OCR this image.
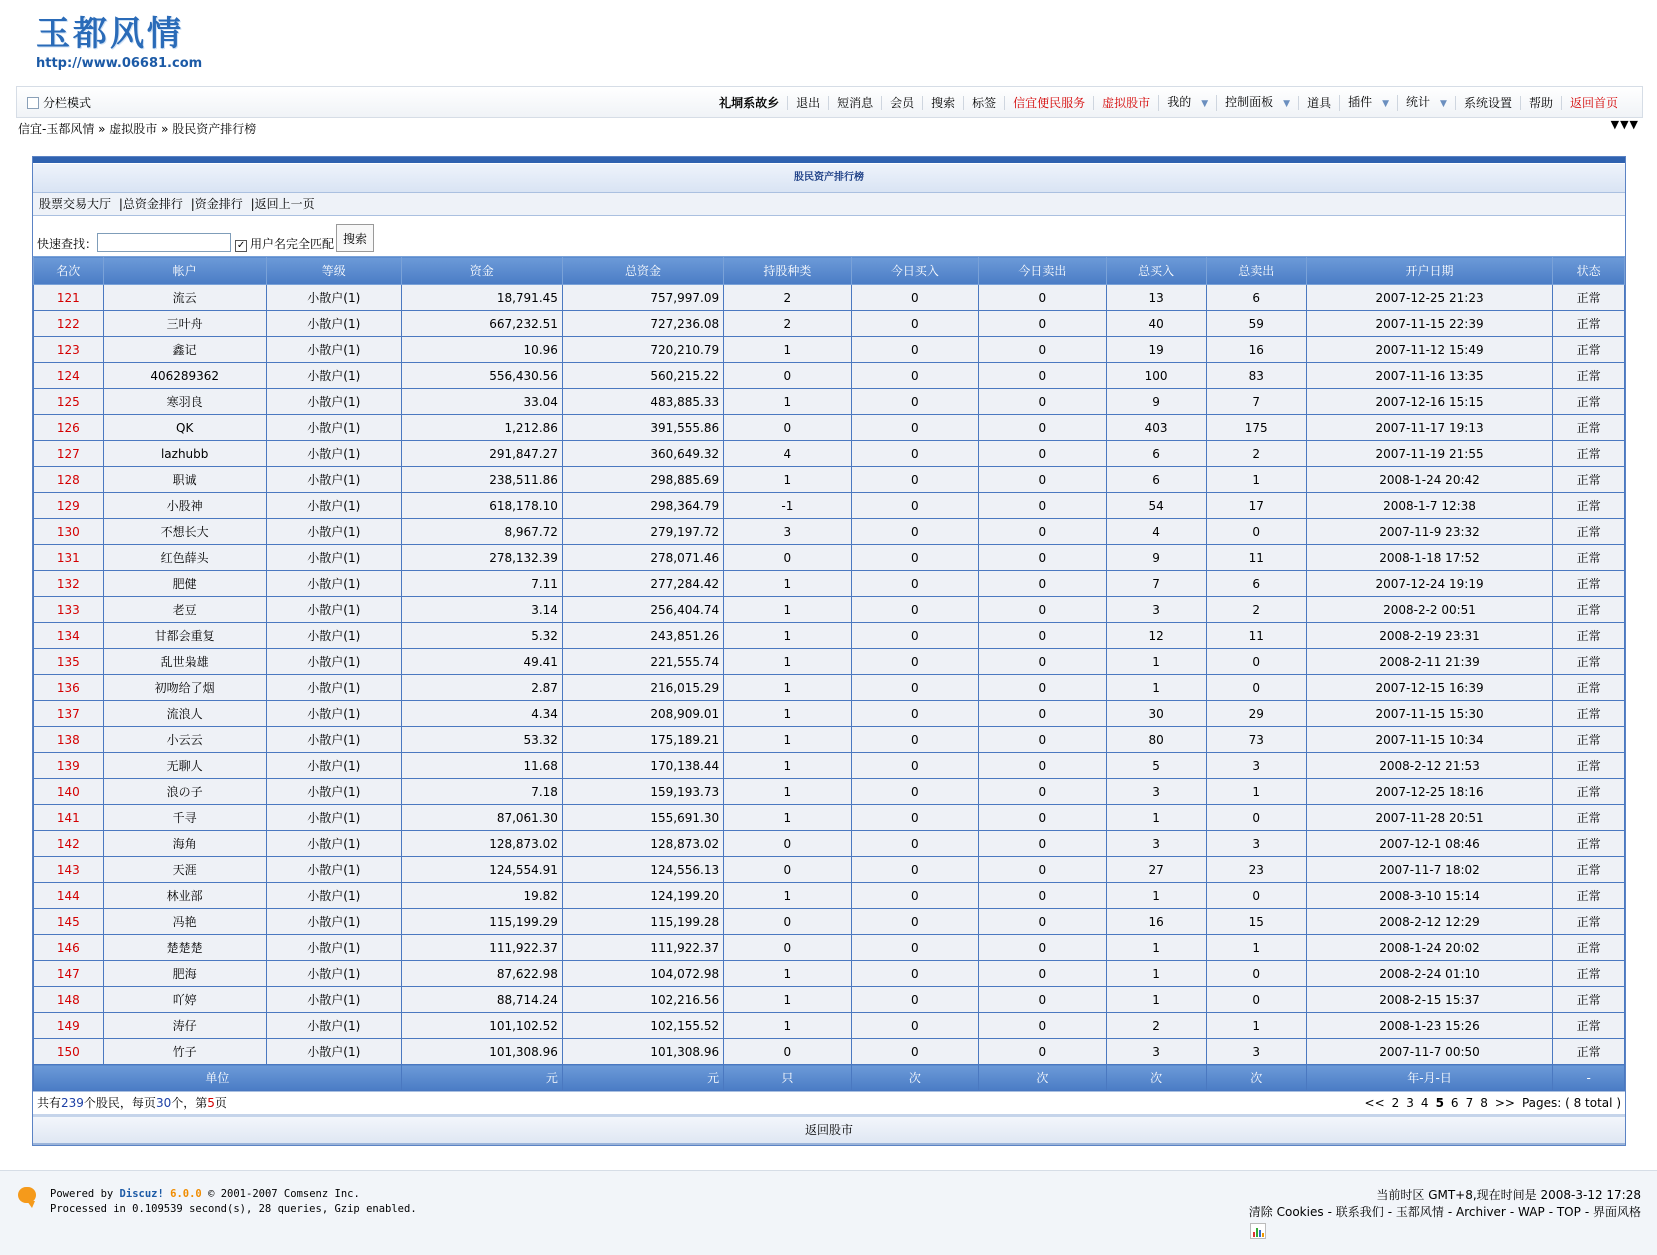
玉都风情
http://www.06681.com
分栏模式	礼垌系故乡	退出	短消息	会员	搜索	标签	信宜便民服务	虚拟股市	我的 ▼	控制面板 ▼	道具	插件 ▼	统计 ▼	系统设置	帮助	返回首页
信宜-玉都风情 » 虚拟股市 » 股民资产排行榜	▼▼▼
股民资产排行榜
股票交易大厅 |总资金排行 |资金排行 |返回上一页
快速查找：	✓ 用户名完全匹配 搜索
名次	帐户	等级	资金	总资金	持股种类	今日买入	今日卖出	总买入	总卖出	开户日期	状态
121	流云	小散户(1)	18,791.45	757,997.09	2	0	0	13	6	2007-12-25 21:23	正常
122	三叶舟	小散户(1)	667,232.51	727,236.08	2	0	0	40	59	2007-11-15 22:39	正常
123	鑫记	小散户(1)	10.96	720,210.79	1	0	0	19	16	2007-11-12 15:49	正常
124	406289362	小散户(1)	556,430.56	560,215.22	0	0	0	100	83	2007-11-16 13:35	正常
125	寒羽良	小散户(1)	33.04	483,885.33	1	0	0	9	7	2007-12-16 15:15	正常
126	QK	小散户(1)	1,212.86	391,555.86	0	0	0	403	175	2007-11-17 19:13	正常
127	lazhubb	小散户(1)	291,847.27	360,649.32	4	0	0	6	2	2007-11-19 21:55	正常
128	职诚	小散户(1)	238,511.86	298,885.69	1	0	0	6	1	2008-1-24 20:42	正常
129	小股神	小散户(1)	618,178.10	298,364.79	-1	0	0	54	17	2008-1-7 12:38	正常
130	不想长大	小散户(1)	8,967.72	279,197.72	3	0	0	4	0	2007-11-9 23:32	正常
131	红色薛头	小散户(1)	278,132.39	278,071.46	0	0	0	9	11	2008-1-18 17:52	正常
132	肥健	小散户(1)	7.11	277,284.42	1	0	0	7	6	2007-12-24 19:19	正常
133	老豆	小散户(1)	3.14	256,404.74	1	0	0	3	2	2008-2-2 00:51	正常
134	甘都会重复	小散户(1)	5.32	243,851.26	1	0	0	12	11	2008-2-19 23:31	正常
135	乱世枭雄	小散户(1)	49.41	221,555.74	1	0	0	1	0	2008-2-11 21:39	正常
136	初吻给了烟	小散户(1)	2.87	216,015.29	1	0	0	1	0	2007-12-15 16:39	正常
137	流浪人	小散户(1)	4.34	208,909.01	1	0	0	30	29	2007-11-15 15:30	正常
138	小云云	小散户(1)	53.32	175,189.21	1	0	0	80	73	2007-11-15 10:34	正常
139	无聊人	小散户(1)	11.68	170,138.44	1	0	0	5	3	2008-2-12 21:53	正常
140	浪の子	小散户(1)	7.18	159,193.73	1	0	0	3	1	2007-12-25 18:16	正常
141	千寻	小散户(1)	87,061.30	155,691.30	1	0	0	1	0	2007-11-28 20:51	正常
142	海角	小散户(1)	128,873.02	128,873.02	0	0	0	3	3	2007-12-1 08:46	正常
143	天涯	小散户(1)	124,554.91	124,556.13	0	0	0	27	23	2007-11-7 18:02	正常
144	林业部	小散户(1)	19.82	124,199.20	1	0	0	1	0	2008-3-10 15:14	正常
145	冯艳	小散户(1)	115,199.29	115,199.28	0	0	0	16	15	2008-2-12 12:29	正常
146	楚楚楚	小散户(1)	111,922.37	111,922.37	0	0	0	1	1	2008-1-24 20:02	正常
147	肥海	小散户(1)	87,622.98	104,072.98	1	0	0	1	0	2008-2-24 01:10	正常
148	吖婷	小散户(1)	88,714.24	102,216.56	1	0	0	1	0	2008-2-15 15:37	正常
149	涛仔	小散户(1)	101,102.52	102,155.52	1	0	0	2	1	2008-1-23 15:26	正常
150	竹子	小散户(1)	101,308.96	101,308.96	0	0	0	3	3	2007-11-7 00:50	正常
单位			元	元	只	次	次	次	次	年-月-日	-
共有239个股民，每页30个，第5页	<< 2 3 4 5 6 7 8 >> Pages: ( 8 total )
返回股市
Powered by Discuz! 6.0.0 © 2001-2007 Comsenz Inc.
Processed in 0.109539 second(s), 28 queries, Gzip enabled.
当前时区 GMT+8,现在时间是 2008-3-12 17:28
清除 Cookies - 联系我们 - 玉都风情 - Archiver - WAP - TOP - 界面风格
